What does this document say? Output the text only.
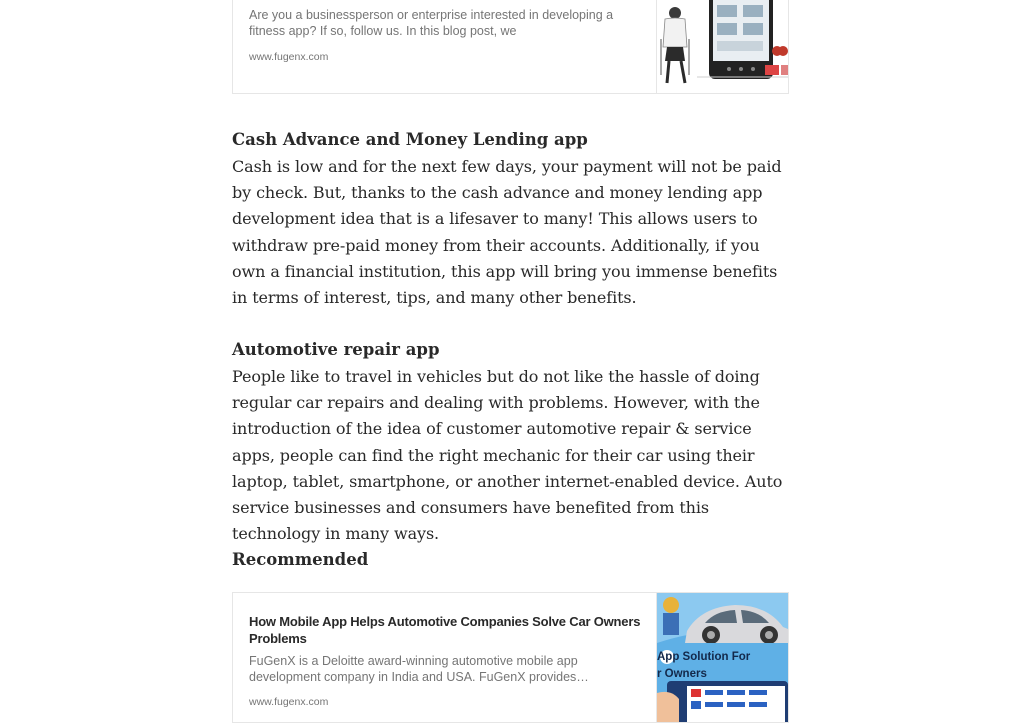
Are you a businessperson or enterprise interested in developing a fitness app? If so, follow us. In this blog post, we
www.fugenx.com
Cash Advance and Money Lending app

Cash is low and for the next few days, your payment will not be paid by check. But, thanks to the cash advance and money lending app development idea that is a lifesaver to many! This allows users to withdraw pre-paid money from their accounts. Additionally, if you own a financial institution, this app will bring you immense benefits in terms of interest, tips, and many other benefits.

Automotive repair app

People like to travel in vehicles but do not like the hassle of doing regular car repairs and dealing with problems. However, with the introduction of the idea of customer automotive repair & service apps, people can find the right mechanic for their car using their laptop, tablet, smartphone, or another internet-enabled device. Auto service businesses and consumers have benefited from this technology in many ways.

Recommended
How Mobile App Helps Automotive Companies Solve Car Owners Problems
FuGenX is a Deloitte award-winning automotive mobile app development company in India and USA. FuGenX provides…
www.fugenx.com
App Solution For
r Owners
